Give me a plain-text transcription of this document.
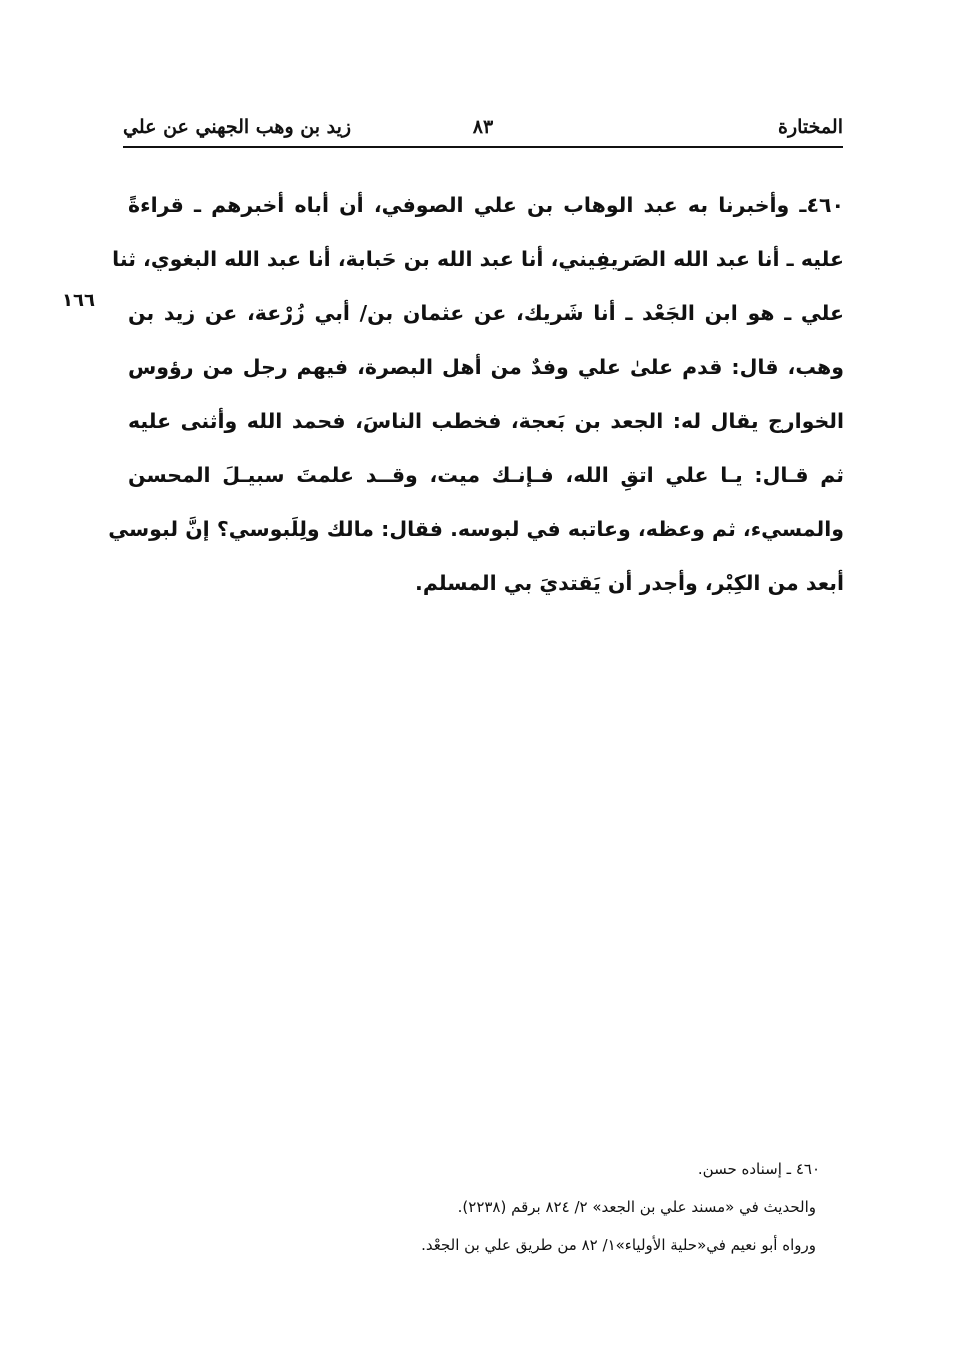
المختارة
٨٣
زيد بن وهب الجهني عن علي
٤٦٠ـ وأخبرنا به عبد الوهاب بن علي الصوفي، أن أباه أخبرهم ـ قراءةً
عليه ـ أنا عبد الله الصَريفِيني، أنا عبد الله بن حَبابة، أنا عبد الله البغوي، ثنا
علي ـ هو ابن الجَعْد ـ أنا شَريك، عن عثمان بن/ أبي زُرْعة، عن زيد بن
وهب، قال: قدم علىٰ علي وفدٌ من أهل البصرة، فيهم رجل من رؤوس
الخوارج يقال له: الجعد بن بَعجة، فخطب الناسَ، فحمد الله وأثنى عليه
ثم قـال: يـا علي اتقِ الله، فـإنـك ميت، وقــد علمتَ سبيـلَ المحسن
والمسيء، ثم وعظه، وعاتبه في لبوسه. فقال: مالك ولِلَبوسي؟ إنَّ لبوسي
أبعد من الكِبْر، وأجدر أن يَقتديَ بي المسلم.
١٦٦
٤٦٠ ـ إسناده حسن.
والحديث في «مسند علي بن الجعد» ٢/ ٨٢٤ برقم (٢٢٣٨).
ورواه أبو نعيم في«حلية الأولياء»١/ ٨٢ من طريق علي بن الجعْد.
